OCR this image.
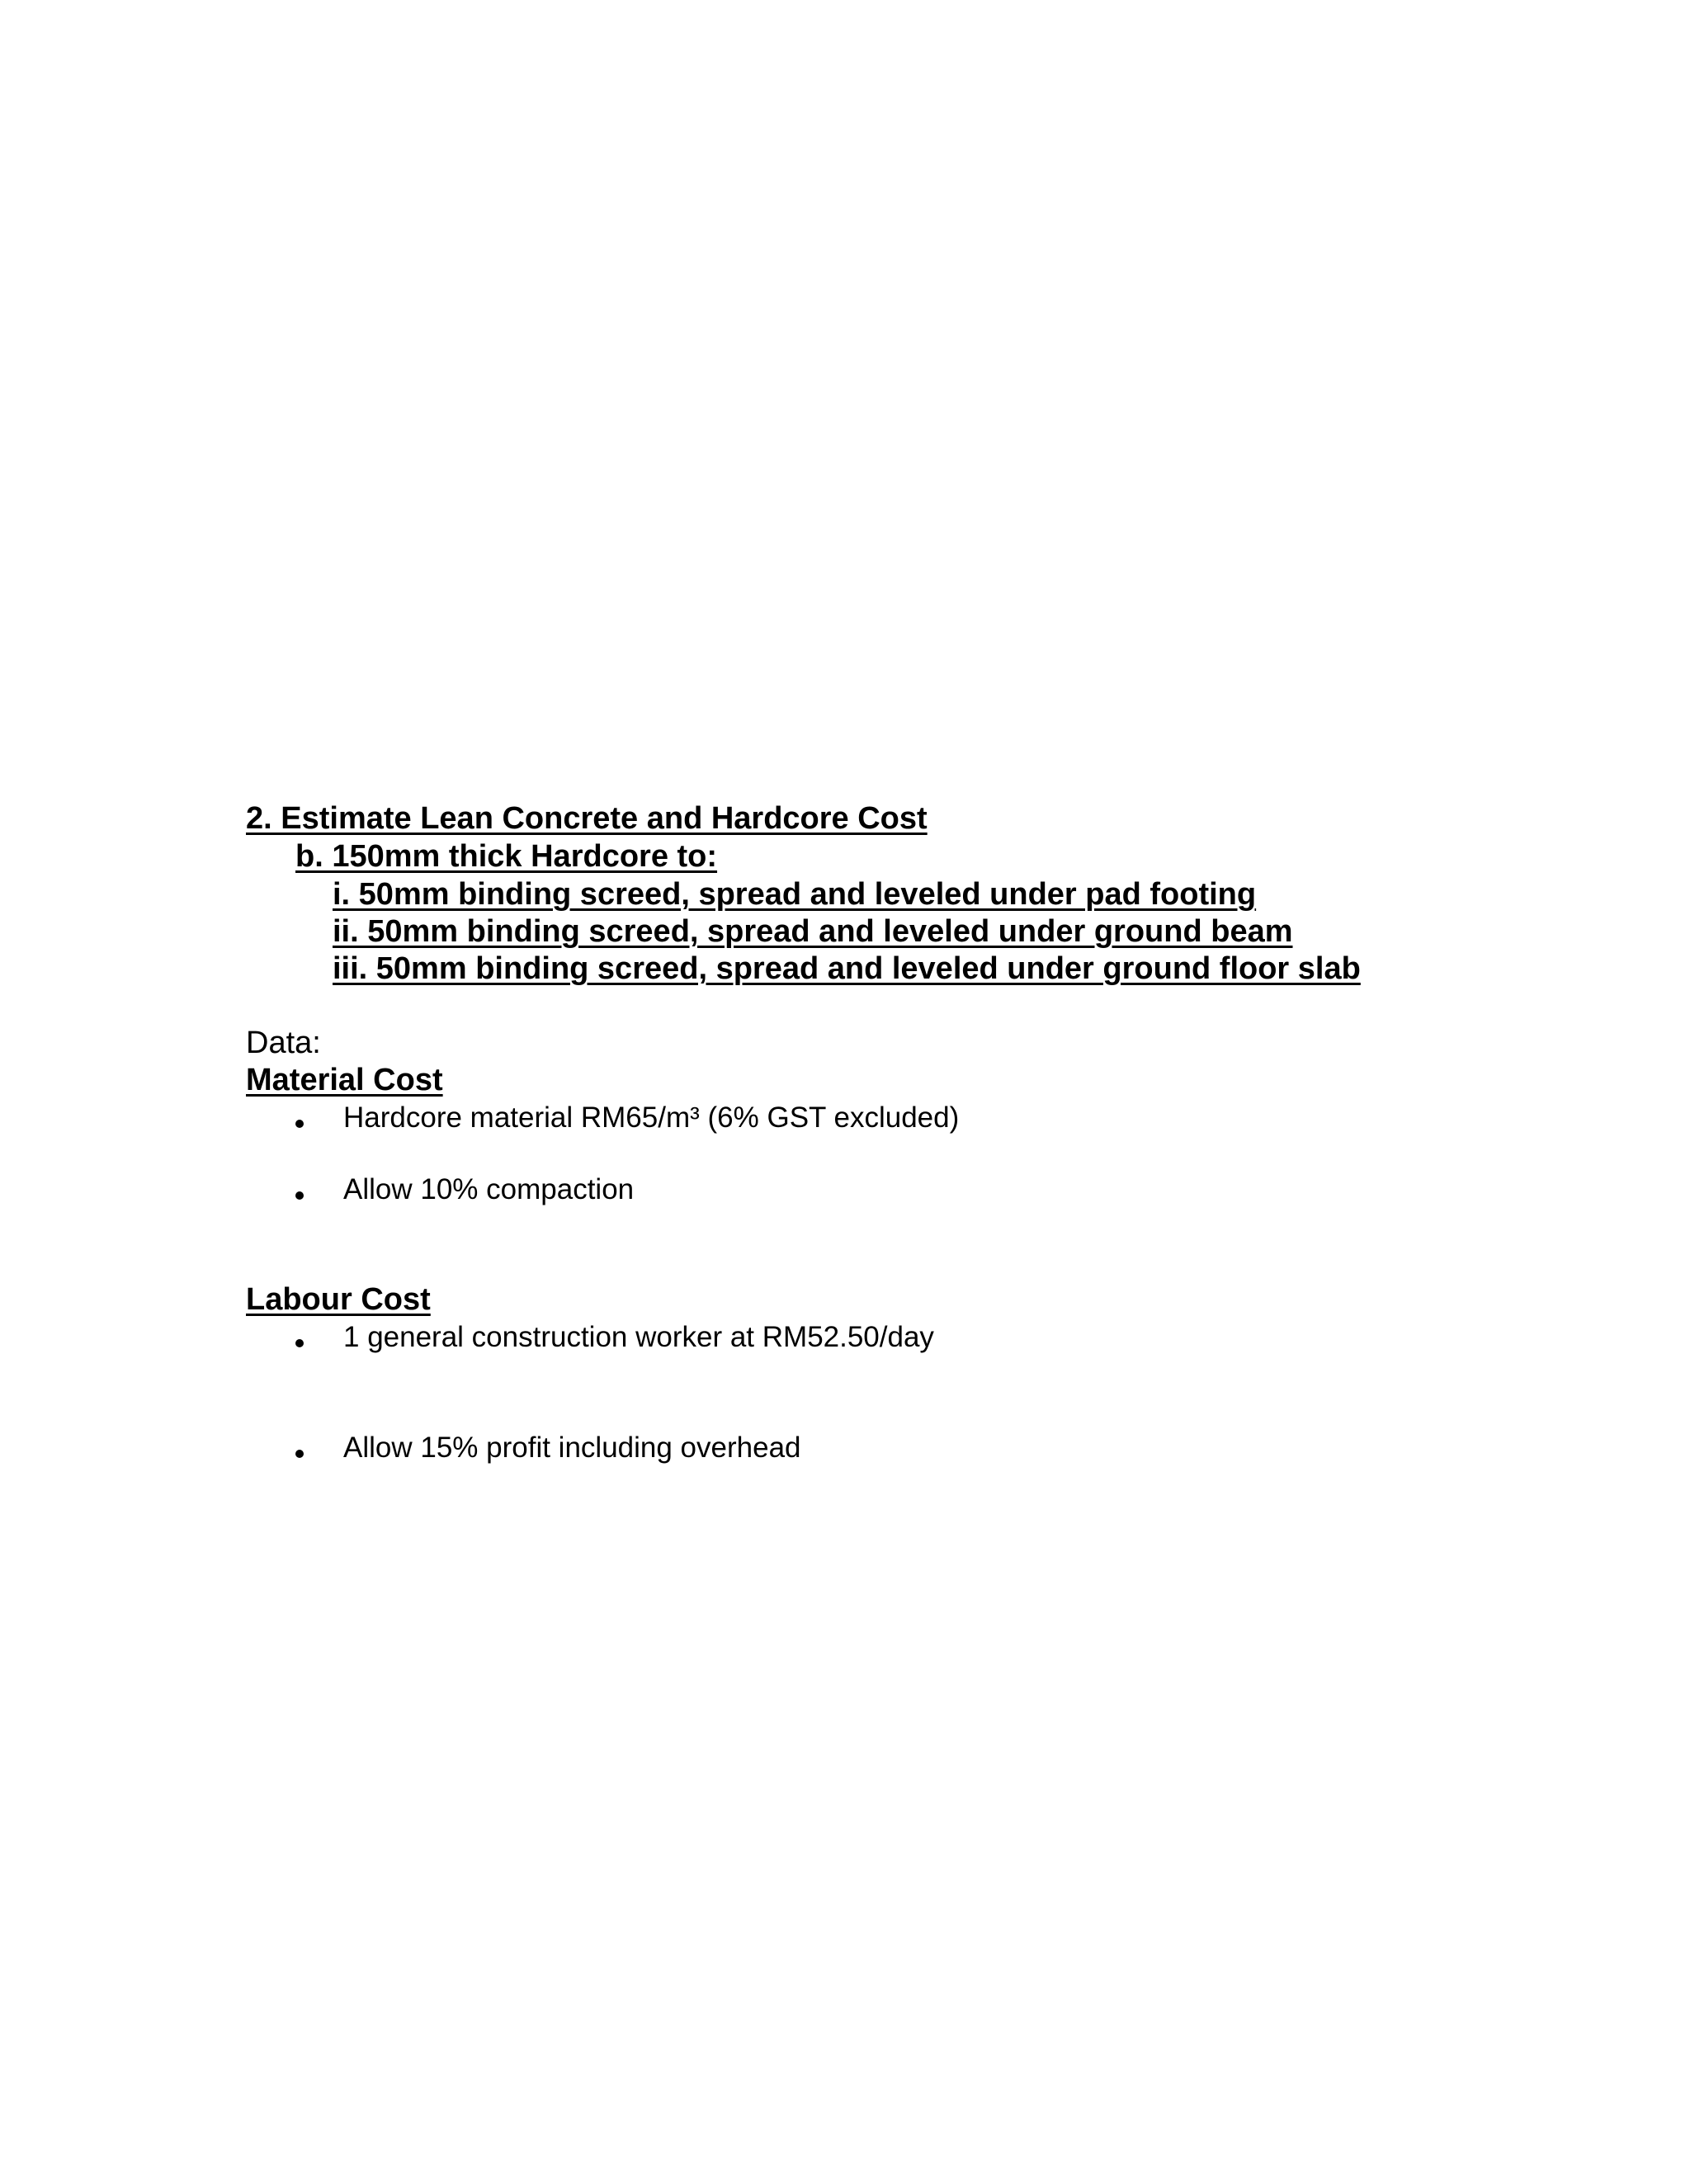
2. Estimate Lean Concrete and Hardcore Cost
b. 150mm thick Hardcore to:
i. 50mm binding screed, spread and leveled under pad footing
ii. 50mm binding screed, spread and leveled under ground beam
iii. 50mm binding screed, spread and leveled under ground floor slab
Data:
Material Cost
Hardcore material RM65/m³ (6% GST excluded)
Allow 10% compaction
Labour Cost
1 general construction worker at RM52.50/day
Allow 15% profit including overhead
